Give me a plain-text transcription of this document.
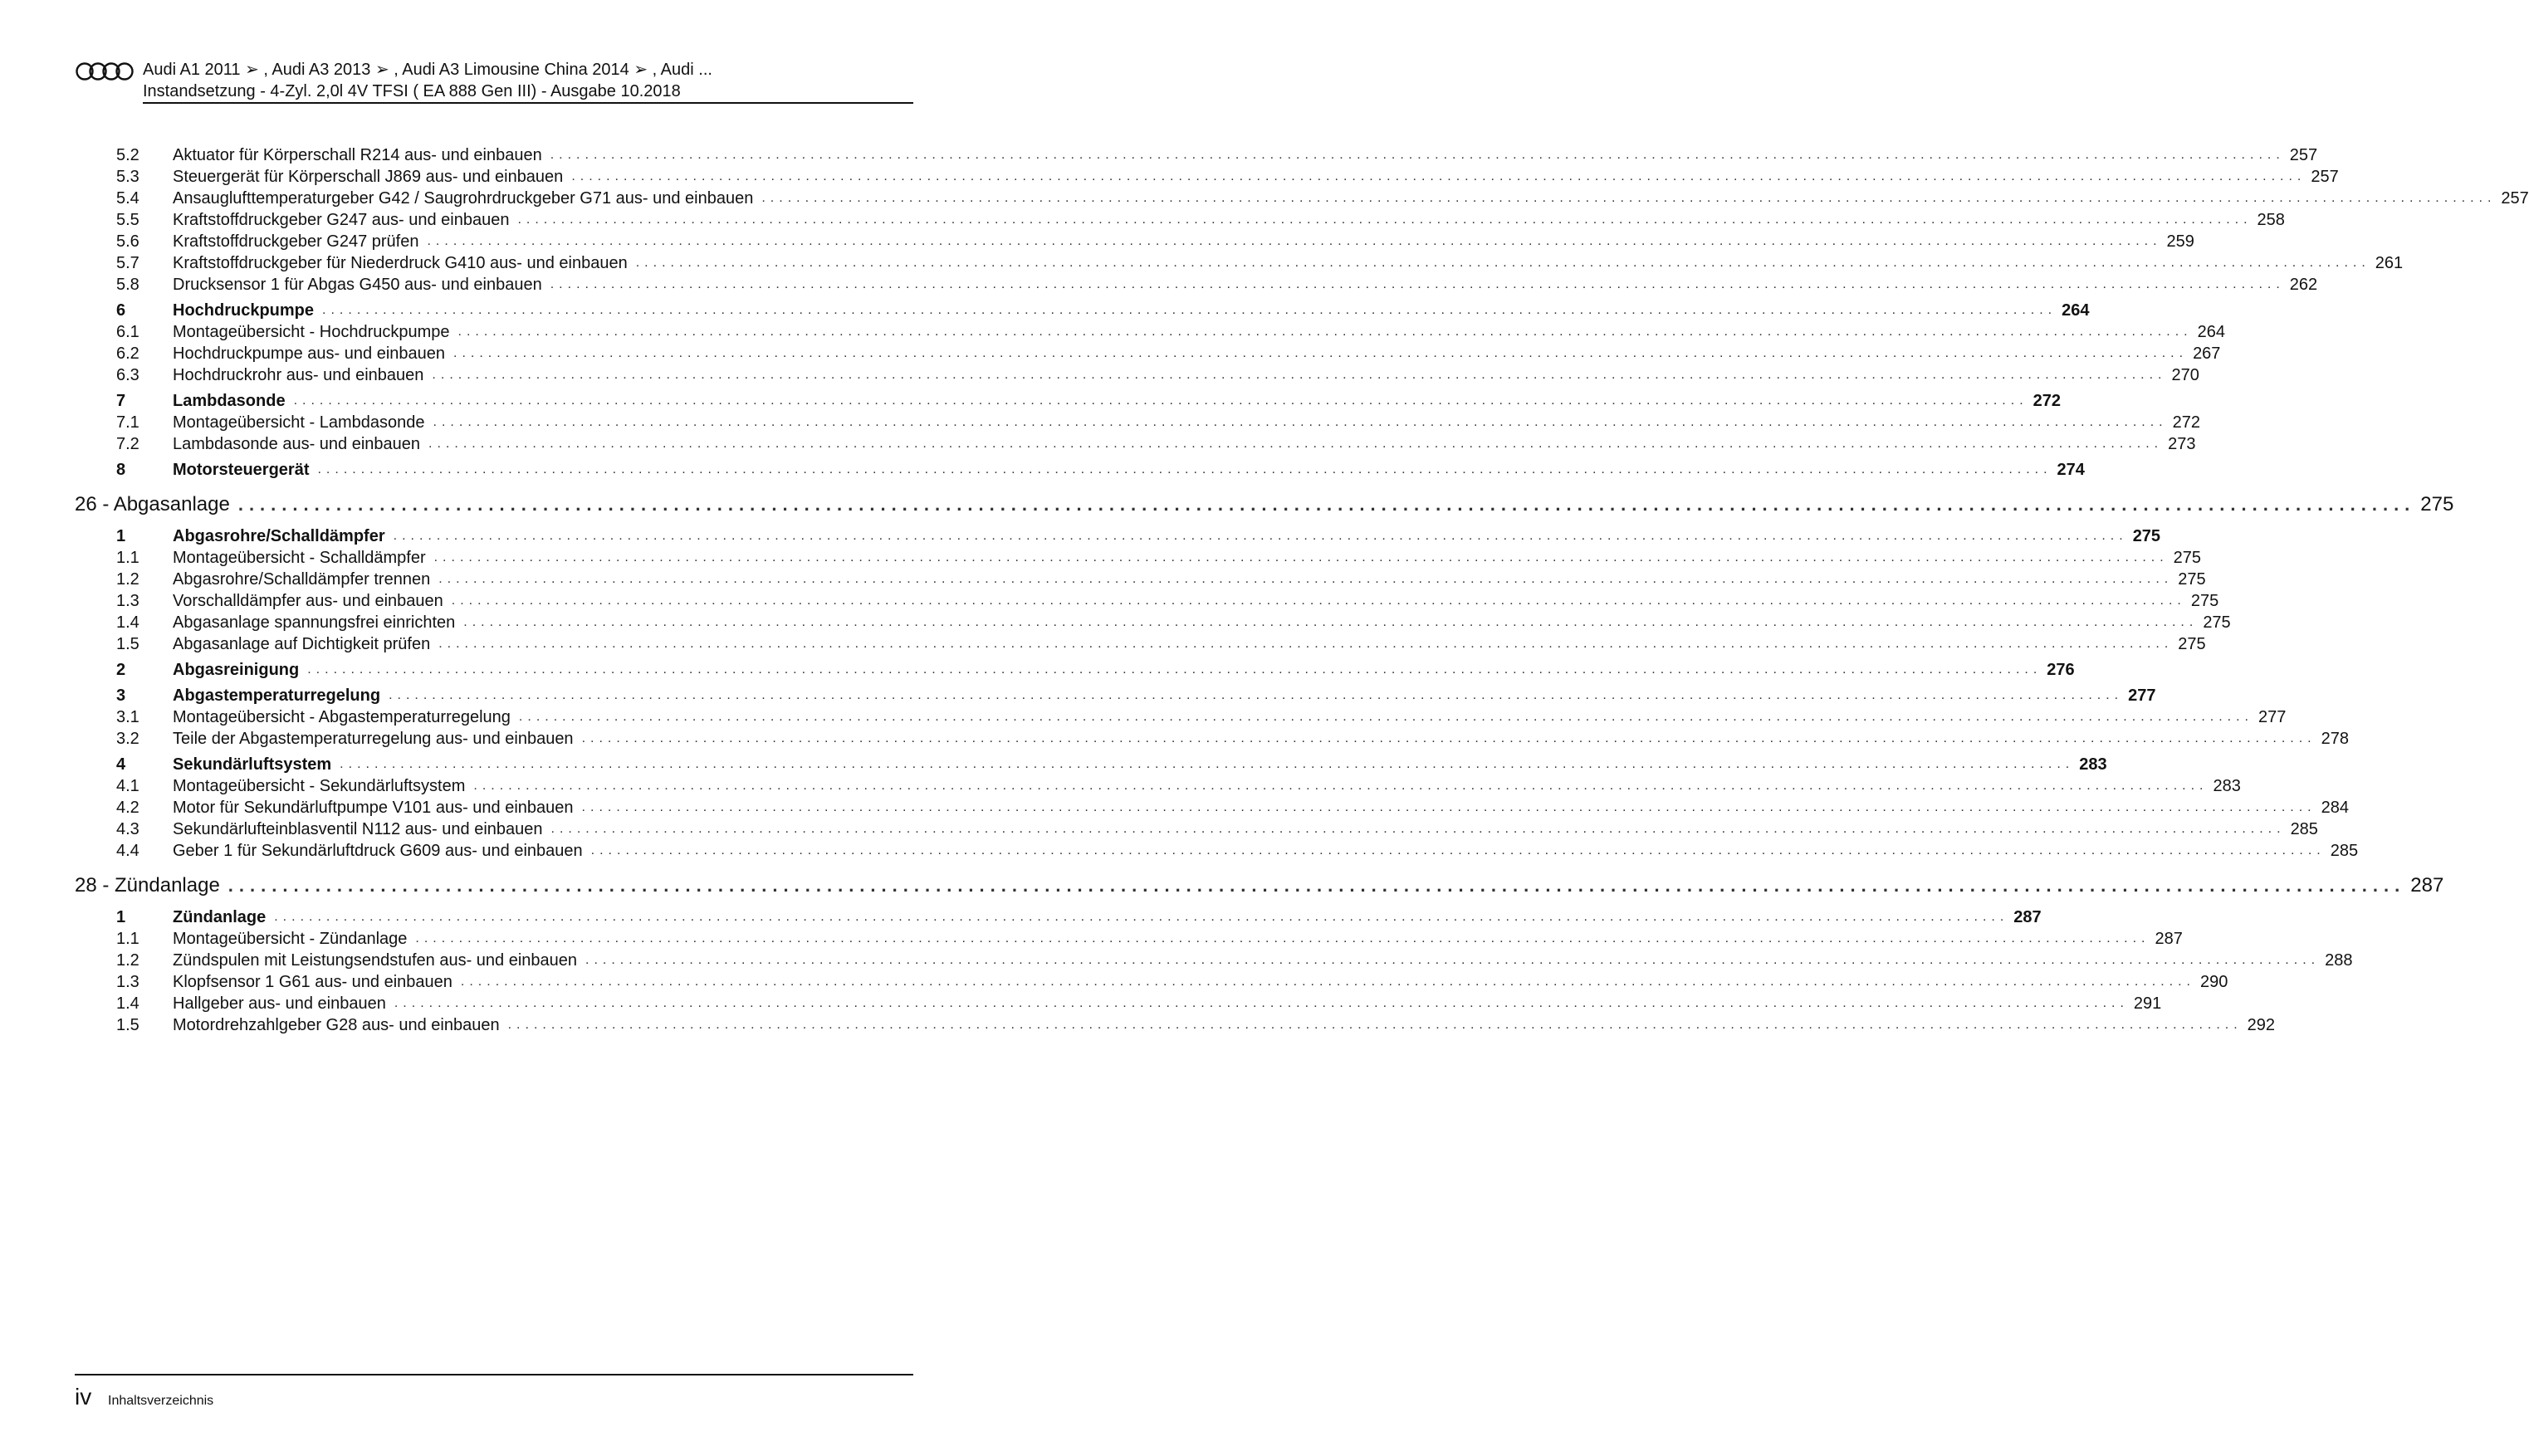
Audi A1 2011 ➢ , Audi A3 2013 ➢ , Audi A3 Limousine China 2014 ➢ , Audi ...
Instandsetzung - 4-Zyl. 2,0l 4V TFSI ( EA 888 Gen III) - Ausgabe 10.2018
5.2 Aktuator für Körperschall R214 aus- und einbauen ........................................................................................................................................................................................................ 257
5.3 Steuergerät für Körperschall J869 aus- und einbauen ........................................................................................................................................................................................................ 257
5.4 Ansauglufttemperaturgeber G42 / Saugrohrdruckgeber G71 aus- und einbauen ........................................................................................................................................................................................................ 257
5.5 Kraftstoffdruckgeber G247 aus- und einbauen ........................................................................................................................................................................................................ 258
5.6 Kraftstoffdruckgeber G247 prüfen ........................................................................................................................................................................................................ 259
5.7 Kraftstoffdruckgeber für Niederdruck G410 aus- und einbauen ........................................................................................................................................................................................................ 261
5.8 Drucksensor 1 für Abgas G450 aus- und einbauen ........................................................................................................................................................................................................ 262
6	Hochdruckpumpe ........................................................................................................................................................................................................ 264
6.1 Montageübersicht - Hochdruckpumpe ........................................................................................................................................................................................................ 264
6.2 Hochdruckpumpe aus- und einbauen ........................................................................................................................................................................................................ 267
6.3 Hochdruckrohr aus- und einbauen ........................................................................................................................................................................................................ 270
7	Lambdasonde ........................................................................................................................................................................................................ 272
7.1 Montageübersicht - Lambdasonde ........................................................................................................................................................................................................ 272
7.2 Lambdasonde aus- und einbauen ........................................................................................................................................................................................................ 273
8	Motorsteuergerät ........................................................................................................................................................................................................ 274
26 - Abgasanlage ........................................................................................................................................................................................................ 275
1	Abgasrohre/Schalldämpfer ........................................................................................................................................................................................................ 275
1.1 Montageübersicht - Schalldämpfer ........................................................................................................................................................................................................ 275
1.2 Abgasrohre/Schalldämpfer trennen ........................................................................................................................................................................................................ 275
1.3 Vorschalldämpfer aus- und einbauen ........................................................................................................................................................................................................ 275
1.4 Abgasanlage spannungsfrei einrichten ........................................................................................................................................................................................................ 275
1.5 Abgasanlage auf Dichtigkeit prüfen ........................................................................................................................................................................................................ 275
2	Abgasreinigung ........................................................................................................................................................................................................ 276
3	Abgastemperaturregelung ........................................................................................................................................................................................................ 277
3.1 Montageübersicht - Abgastemperaturregelung ........................................................................................................................................................................................................ 277
3.2 Teile der Abgastemperaturregelung aus- und einbauen ........................................................................................................................................................................................................ 278
4	Sekundärluftsystem ........................................................................................................................................................................................................ 283
4.1 Montageübersicht - Sekundärluftsystem ........................................................................................................................................................................................................ 283
4.2 Motor für Sekundärluftpumpe V101 aus- und einbauen ........................................................................................................................................................................................................ 284
4.3 Sekundärlufteinblasventil N112 aus- und einbauen ........................................................................................................................................................................................................ 285
4.4 Geber 1 für Sekundärluftdruck G609 aus- und einbauen ........................................................................................................................................................................................................ 285
28 - Zündanlage ........................................................................................................................................................................................................ 287
1	Zündanlage ........................................................................................................................................................................................................ 287
1.1 Montageübersicht - Zündanlage ........................................................................................................................................................................................................ 287
1.2 Zündspulen mit Leistungsendstufen aus- und einbauen ........................................................................................................................................................................................................ 288
1.3 Klopfsensor 1 G61 aus- und einbauen ........................................................................................................................................................................................................ 290
1.4 Hallgeber aus- und einbauen ........................................................................................................................................................................................................ 291
1.5 Motordrehzahlgeber G28 aus- und einbauen ........................................................................................................................................................................................................ 292
iv Inhaltsverzeichnis
